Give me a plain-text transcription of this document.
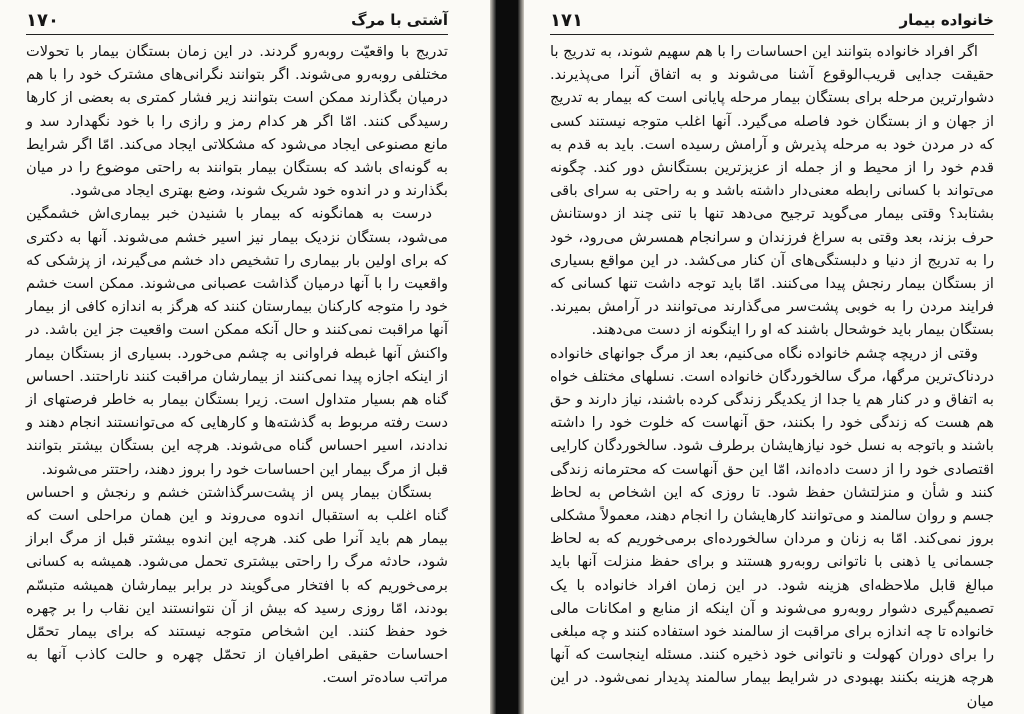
۱۷۰	آشتی با مرگ

تدریج با واقعیّت روبه‌رو گردند. در این زمان بستگان بیمار با تحولات مختلفی روبه‌رو می‌شوند. اگر بتوانند نگرانی‌های مشترک خود را با هم درمیان بگذارند ممکن است بتوانند زیر فشار کمتری به بعضی از کارها رسیدگی کنند. امّا اگر هر کدام رمز و رازی را با خود نگهدارد سد و مانع مصنوعی ایجاد می‌شود که مشکلاتی ایجاد می‌کند. امّا اگر شرایط به گونه‌ای باشد که بستگان بیمار بتوانند به راحتی موضوع را در میان بگذارند و در اندوه خود شریک شوند، وضع بهتری ایجاد می‌شود.

درست به همانگونه که بیمار با شنیدن خبر بیماری‌اش خشمگین می‌شود، بستگان نزدیک بیمار نیز اسیر خشم می‌شوند. آنها به دکتری که برای اولین بار بیماری را تشخیص داد خشم می‌گیرند، از پزشکی که واقعیت را با آنها درمیان گذاشت عصبانی می‌شوند. ممکن است خشم خود را متوجه کارکنان بیمارستان کنند که هرگز به اندازه کافی از بیمار آنها مراقبت نمی‌کنند و حال آنکه ممکن است واقعیت جز این باشد. در واکنش آنها غبطه فراوانی به چشم می‌خورد. بسیاری از بستگان بیمار از اینکه اجازه پیدا نمی‌کنند از بیمارشان مراقبت کنند ناراحتند. احساس گناه هم بسیار متداول است. زیرا بستگان بیمار به خاطر فرصتهای از دست رفته مربوط به گذشته‌ها و کارهایی که می‌توانستند انجام دهند و ندادند، اسیر احساس گناه می‌شوند. هرچه این بستگان بیشتر بتوانند قبل از مرگ بیمار این احساسات خود را بروز دهند، راحتتر می‌شوند.

بستگان بیمار پس از پشت‌سرگذاشتن خشم و رنجش و احساس گناه اغلب به استقبال اندوه می‌روند و این همان مراحلی است که بیمار هم باید آنرا طی کند. هرچه این اندوه بیشتر قبل از مرگ ابراز شود، حادثه مرگ را راحتی بیشتری تحمل می‌شود. همیشه به کسانی برمی‌خوریم که با افتخار می‌گویند در برابر بیمارشان همیشه متبسّم بودند، امّا روزی رسید که بیش از آن نتوانستند این نقاب را بر چهره خود حفظ کنند. این اشخاص متوجه نیستند که برای بیمار تحمّل احساسات حقیقی اطرافیان از تحمّل چهره و حالت کاذب آنها به مراتب ساده‌تر است.

۱۷۱	خانواده بیمار

اگر افراد خانواده بتوانند این احساسات را با هم سهیم شوند، به تدریج با حقیقت جدایی قریب‌الوقوع آشنا می‌شوند و به اتفاق آنرا می‌پذیرند. دشوارترین مرحله برای بستگان بیمار مرحله پایانی است که بیمار به تدریج از جهان و از بستگان خود فاصله می‌گیرد. آنها اغلب متوجه نیستند کسی که در مردن خود به مرحله پذیرش و آرامش رسیده است. باید به قدم به قدم خود را از محیط و از جمله از عزیزترین بستگانش دور کند. چگونه می‌تواند با کسانی رابطه معنی‌دار داشته باشد و به راحتی به سرای باقی بشتابد؟ وقتی بیمار می‌گوید ترجیح می‌دهد تنها با تنی چند از دوستانش حرف بزند، بعد وقتی به سراغ فرزندان و سرانجام همسرش می‌رود، خود را به تدریج از دنیا و دلبستگی‌های آن کنار می‌کشد. در این مواقع بسیاری از بستگان بیمار رنجش پیدا می‌کنند. امّا باید توجه داشت تنها کسانی که فرایند مردن را به خوبی پشت‌سر می‌گذارند می‌توانند در آرامش بمیرند. بستگان بیمار باید خوشحال باشند که او را اینگونه از دست می‌دهند.

وقتی از دریچه چشم خانواده نگاه می‌کنیم، بعد از مرگ جوانهای خانواده دردناک‌ترین مرگها، مرگ سالخوردگان خانواده است. نسلهای مختلف خواه به اتفاق و در کنار هم یا جدا از یکدیگر زندگی کرده باشند، نیاز دارند و حق هم هست که زندگی خود را بکنند، حق آنهاست که خلوت خود را داشته باشند و باتوجه به نسل خود نیازهایشان برطرف شود. سالخوردگان کارایی اقتصادی خود را از دست داده‌اند، امّا این حق آنهاست که محترمانه زندگی کنند و شأن و منزلتشان حفظ شود. تا روزی که این اشخاص به لحاظ جسم و روان سالمند و می‌توانند کارهایشان را انجام دهند، معمولاً مشکلی بروز نمی‌کند. امّا به زنان و مردان سالخورده‌ای برمی‌خوریم که به لحاظ جسمانی یا ذهنی با ناتوانی روبه‌رو هستند و برای حفظ منزلت آنها باید مبالغ قابل ملاحظه‌ای هزینه شود. در این زمان افراد خانواده با یک تصمیم‌گیری دشوار روبه‌رو می‌شوند و آن اینکه از منابع و امکانات مالی خانواده تا چه اندازه برای مراقبت از سالمند خود استفاده کنند و چه مبلغی را برای دوران کهولت و ناتوانی خود ذخیره کنند. مسئله اینجاست که آنها هرچه هزینه بکنند بهبودی در شرایط بیمار سالمند پدیدار نمی‌شود. در این میان
